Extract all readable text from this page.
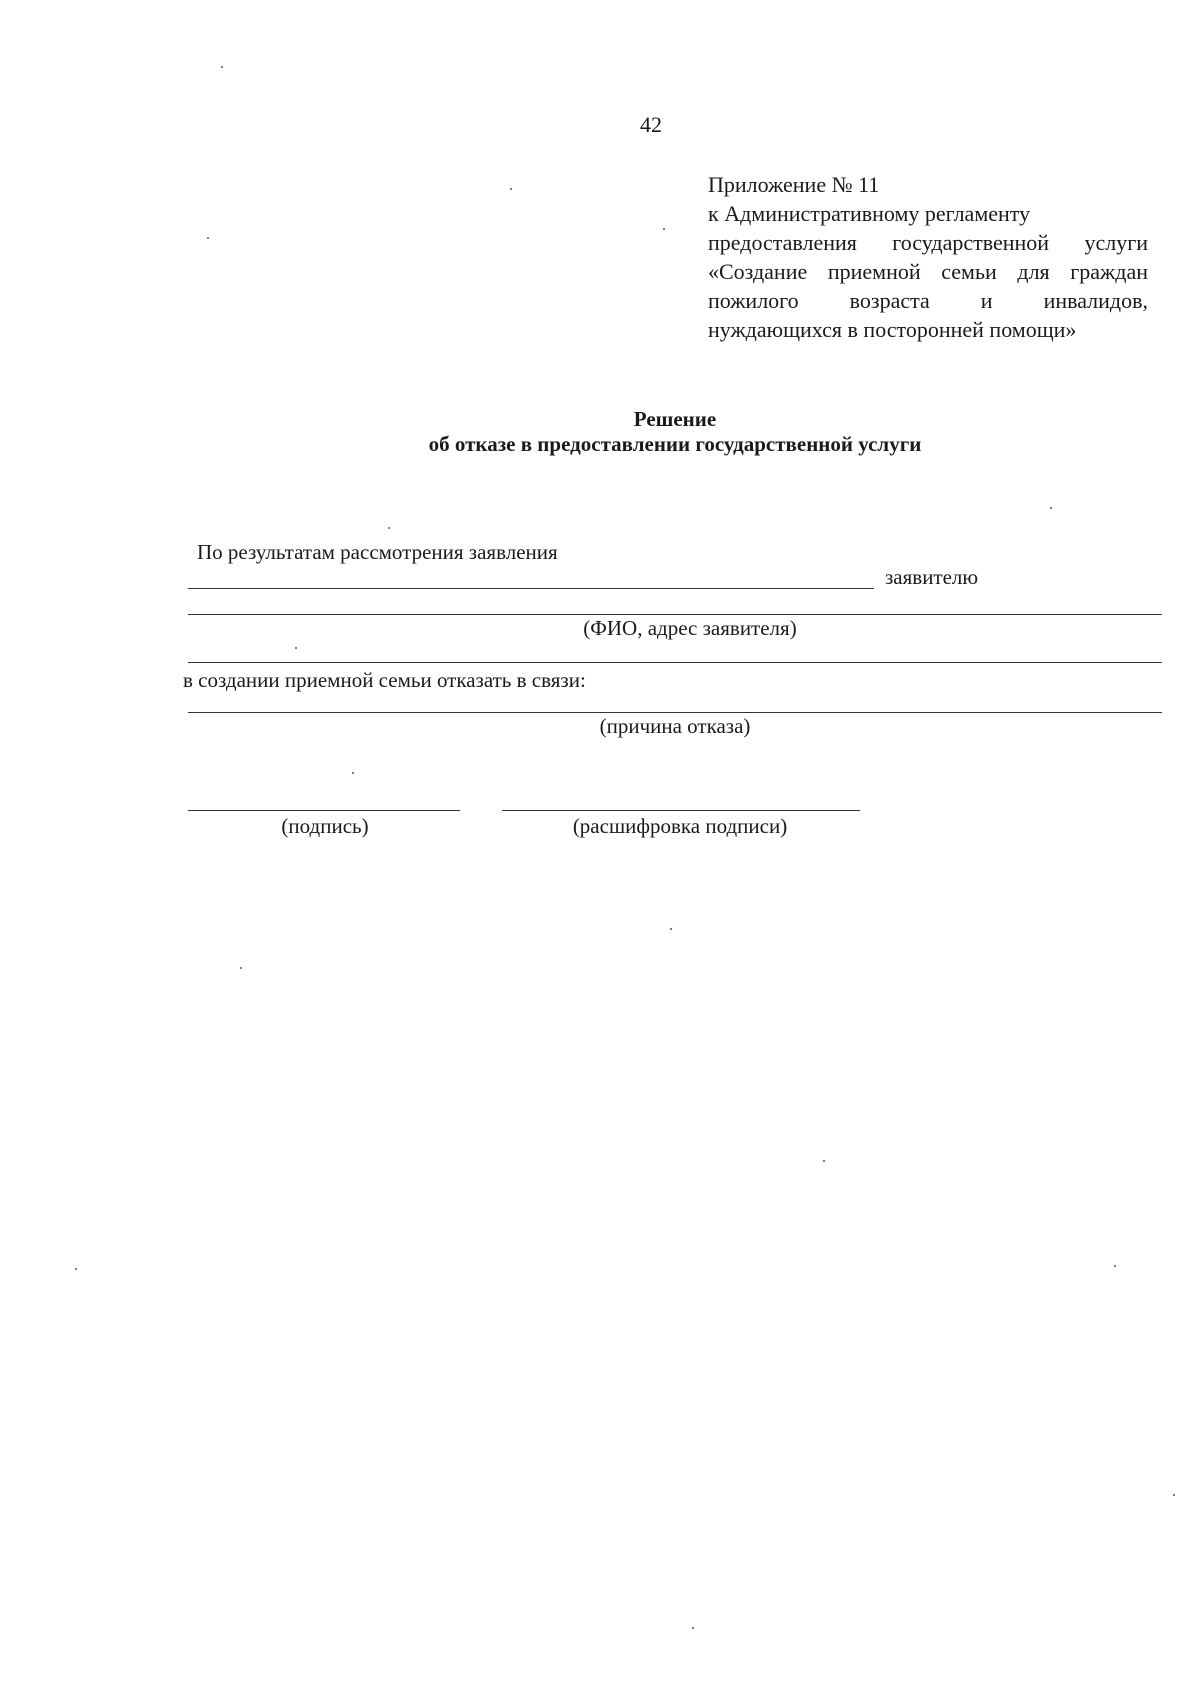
42
Приложение № 11
к Административному регламенту
предоставления государственной услуги
«Создание приемной семьи для граждан
пожилого возраста и инвалидов,
нуждающихся в посторонней помощи»
Решение
об отказе в предоставлении государственной услуги
По результатам рассмотрения заявления
заявителю
(ФИО, адрес заявителя)
в создании приемной семьи отказать в связи:
(причина отказа)
(подпись)	(расшифровка подписи)
